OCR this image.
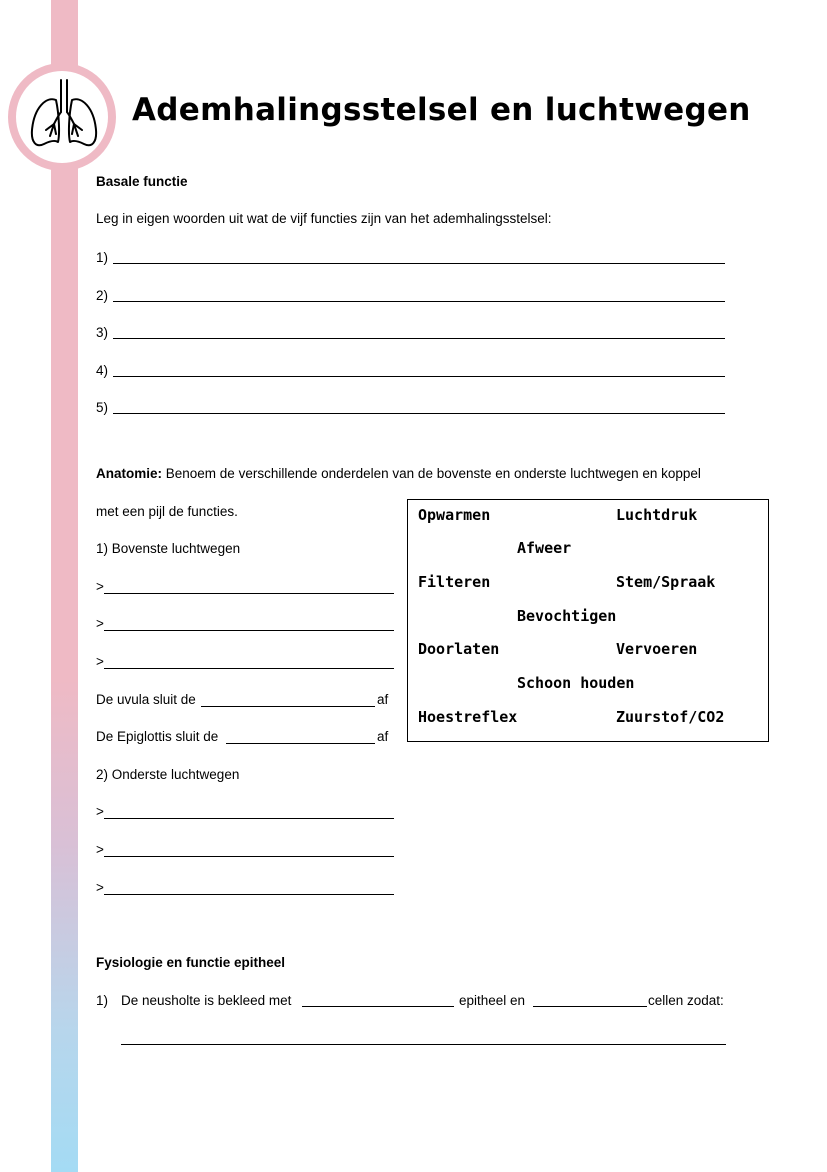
Ademhalingsstelsel en luchtwegen
Basale functie
Leg in eigen woorden uit wat de vijf functies zijn van het ademhalingsstelsel:
1)
2)
3)
4)
5)
Anatomie: Benoem de verschillende onderdelen van de bovenste en onderste luchtwegen en koppel
met een pijl de functies.
1) Bovenste luchtwegen
>
>
>
De uvula sluit de	af
De Epiglottis sluit de	af
2) Onderste luchtwegen
>
>
>
Opwarmen	Luchtdruk
Afweer
Filteren	Stem/Spraak
Bevochtigen
Doorlaten	Vervoeren
Schoon houden
Hoestreflex	Zuurstof/CO2
Fysiologie en functie epitheel
1) De neusholte is bekleed met	epitheel en	cellen zodat:
